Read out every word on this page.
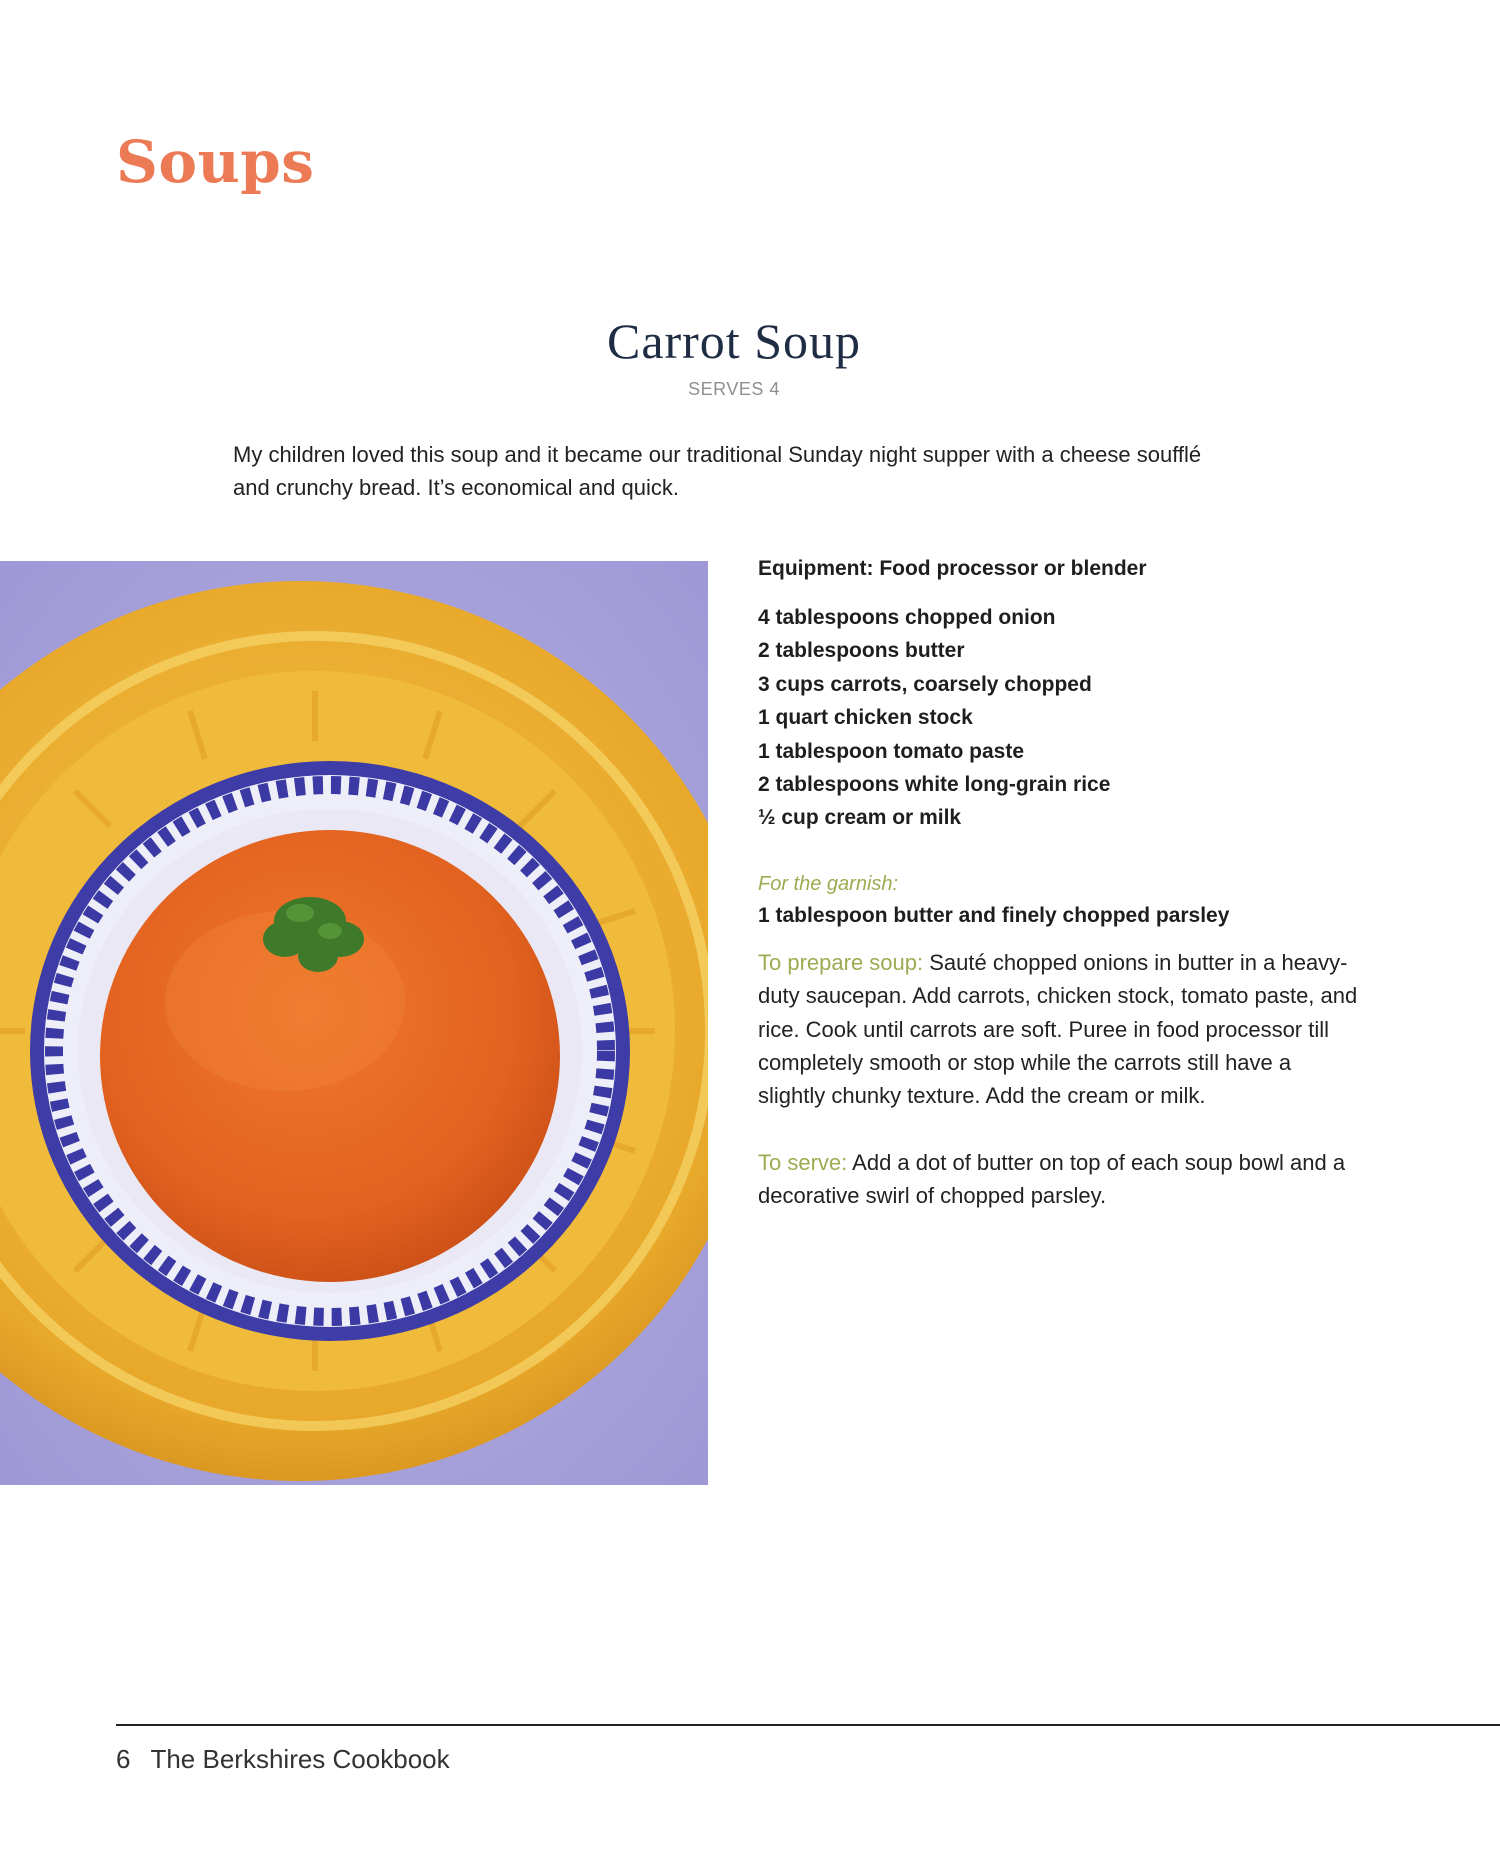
Soups
Carrot Soup
SERVES 4

My children loved this soup and it became our traditional Sunday night supper with a cheese soufflé and crunchy bread. It’s economical and quick.

Equipment: Food processor or blender

4 tablespoons chopped onion
2 tablespoons butter
3 cups carrots, coarsely chopped
1 quart chicken stock
1 tablespoon tomato paste
2 tablespoons white long-grain rice
½ cup cream or milk
For the garnish:
1 tablespoon butter and finely chopped parsley
To prepare soup: Sauté chopped onions in butter in a heavy-duty saucepan. Add carrots, chicken stock, tomato paste, and rice. Cook until carrots are soft. Puree in food processor till completely smooth or stop while the carrots still have a slightly chunky texture. Add the cream or milk.
To serve: Add a dot of butter on top of each soup bowl and a decorative swirl of chopped parsley.
6 The Berkshires Cookbook
